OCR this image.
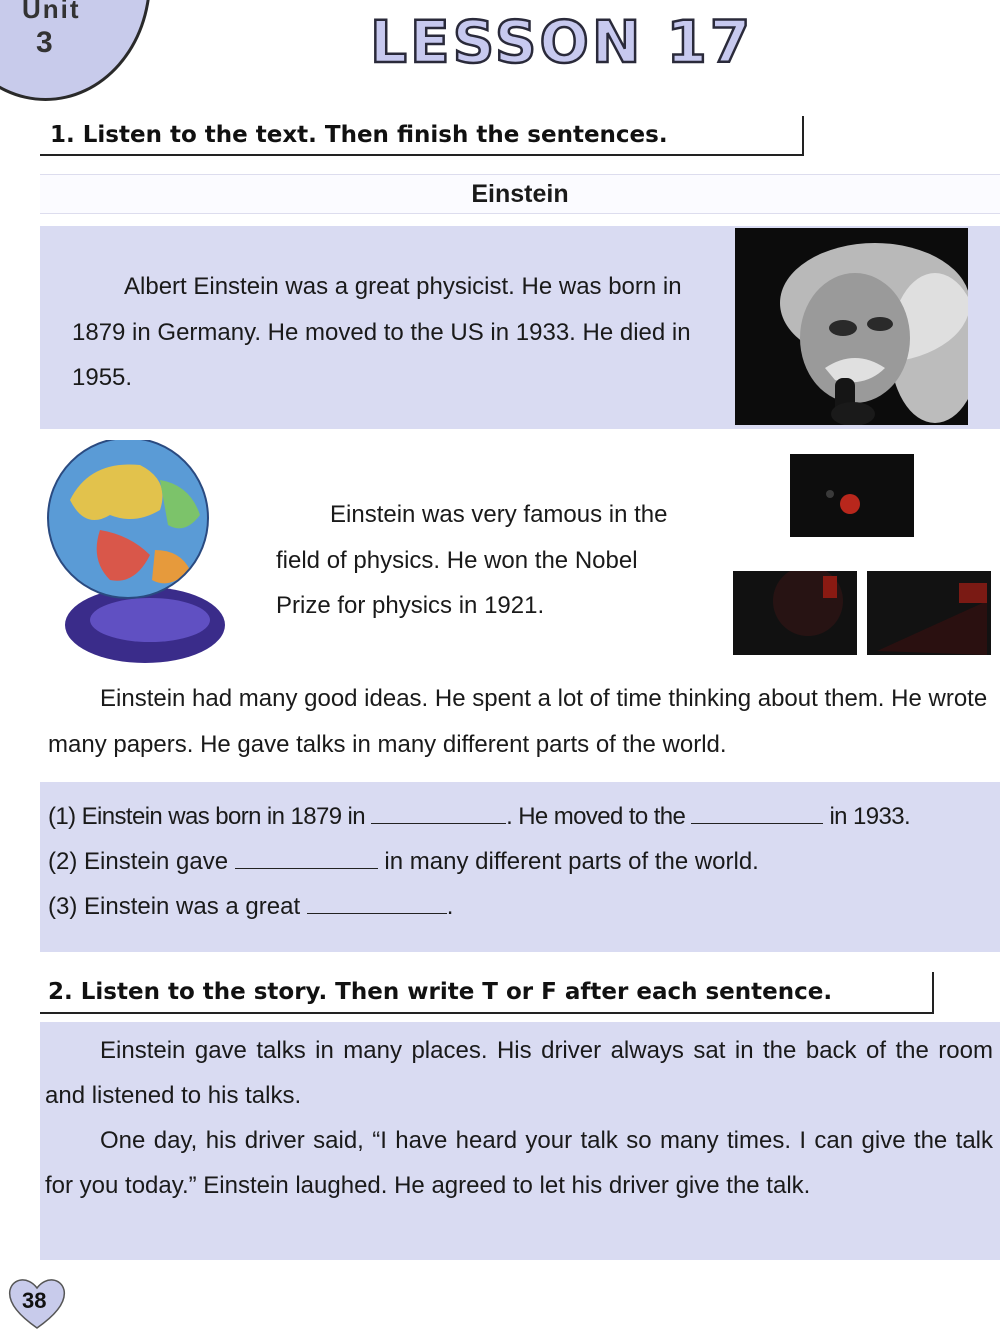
Unit
3	LESSON 17
1. Listen to the text. Then finish the sentences.
Einstein
Albert Einstein was a great physicist. He was born in 1879 in Germany. He moved to the US in 1933. He died in 1955.
Einstein was very famous in the field of physics. He won the Nobel Prize for physics in 1921.
Einstein had many good ideas. He spent a lot of time thinking about them. He wrote many papers. He gave talks in many different parts of the world.
(1) Einstein was born in 1879 in	. He moved to the	in 1933.
(2) Einstein gave	in many different parts of the world.
(3) Einstein was a great	.
2. Listen to the story. Then write T or F after each sentence.
Einstein gave talks in many places. His driver always sat in the back of the room and listened to his talks.
One day, his driver said, “I have heard your talk so many times. I can give the talk for you today.” Einstein laughed. He agreed to let his driver give the talk.
38
